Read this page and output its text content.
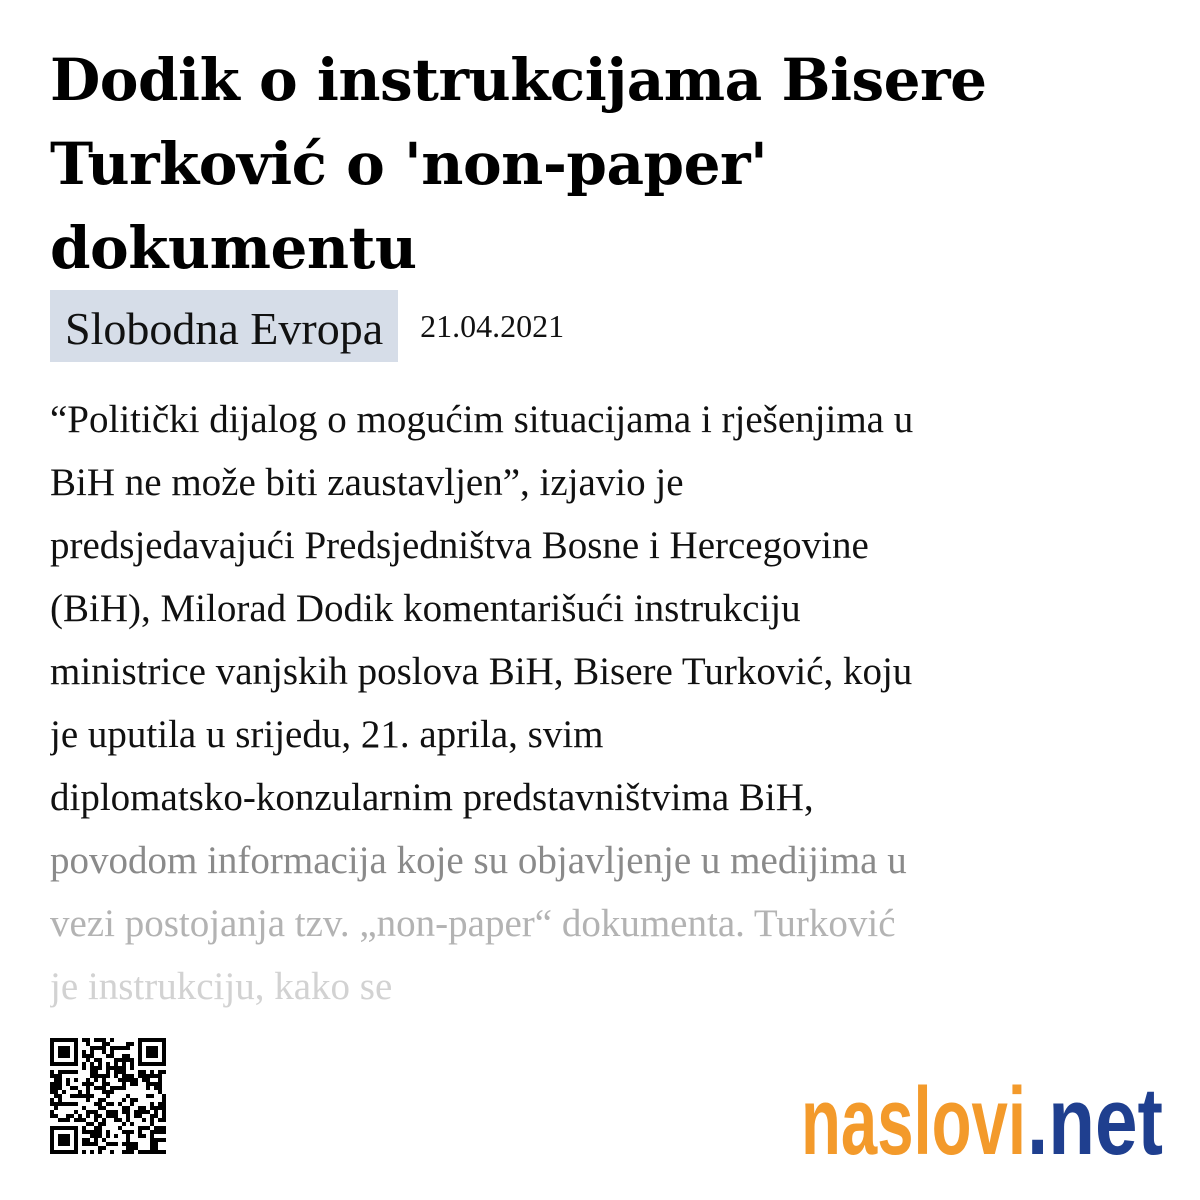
Dodik o instrukcijama Bisere Turković o 'non-paper' dokumentu
Slobodna Evropa	21.04.2021
“Politički dijalog o mogućim situacijama i rješenjima u
BiH ne može biti zaustavljen”, izjavio je
predsjedavajući Predsjedništva Bosne i Hercegovine
(BiH), Milorad Dodik komentarišući instrukciju
ministrice vanjskih poslova BiH, Bisere Turković, koju
je uputila u srijedu, 21. aprila, svim
diplomatsko-konzularnim predstavništvima BiH,
povodom informacija koje su objavljenje u medijima u
vezi postojanja tzv. „non-paper“ dokumenta. Turković
je instrukciju, kako se
naslovi .net
